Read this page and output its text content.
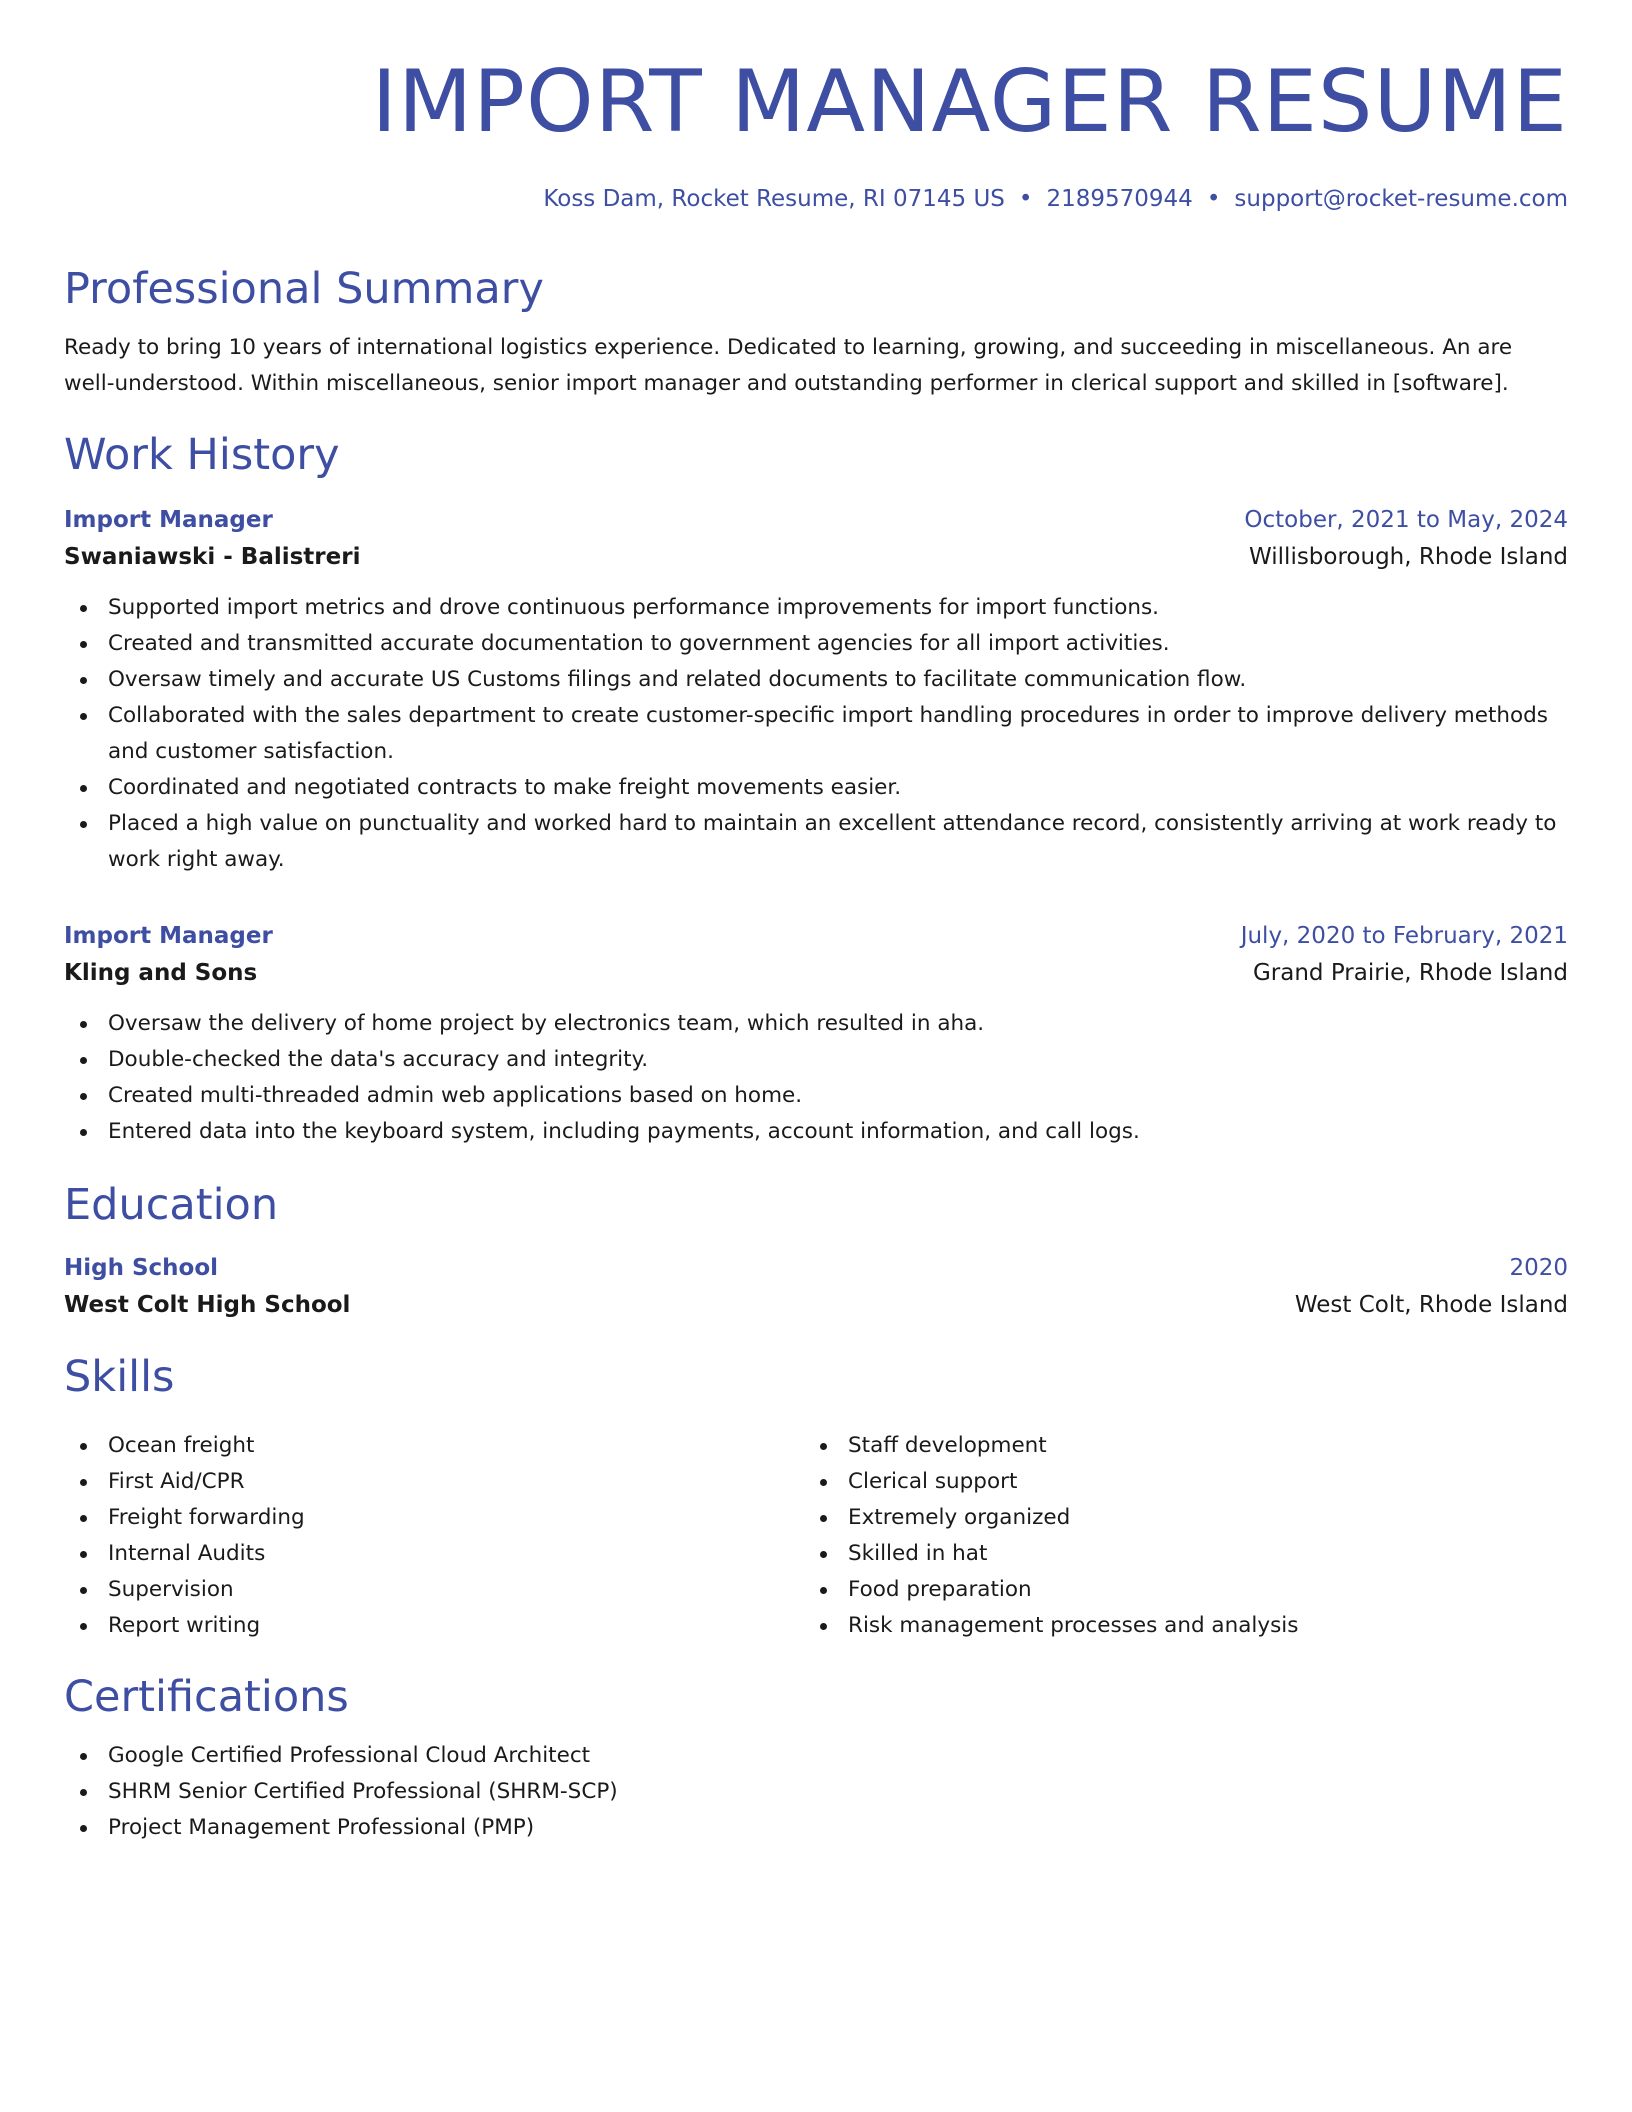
IMPORT MANAGER RESUME
Koss Dam, Rocket Resume, RI 07145 US • 2189570944 • support@rocket-resume.com
Professional Summary

Ready to bring 10 years of international logistics experience. Dedicated to learning, growing, and succeeding in miscellaneous. An are well-understood. Within miscellaneous, senior import manager and outstanding performer in clerical support and skilled in [software].

Work History
Import Manager	October, 2021 to May, 2024
Swaniawski - Balistreri	Willisborough, Rhode Island
Supported import metrics and drove continuous performance improvements for import functions.
Created and transmitted accurate documentation to government agencies for all import activities.
Oversaw timely and accurate US Customs filings and related documents to facilitate communication flow.
Collaborated with the sales department to create customer-specific import handling procedures in order to improve delivery methods and customer satisfaction.
Coordinated and negotiated contracts to make freight movements easier.
Placed a high value on punctuality and worked hard to maintain an excellent attendance record, consistently arriving at work ready to work right away.
Import Manager	July, 2020 to February, 2021
Kling and Sons	Grand Prairie, Rhode Island
Oversaw the delivery of home project by electronics team, which resulted in aha.
Double-checked the data's accuracy and integrity.
Created multi-threaded admin web applications based on home.
Entered data into the keyboard system, including payments, account information, and call logs.
Education
High School	2020
West Colt High School	West Colt, Rhode Island
Skills
Ocean freight
First Aid/CPR
Freight forwarding
Internal Audits
Supervision
Report writing
Staff development
Clerical support
Extremely organized
Skilled in hat
Food preparation
Risk management processes and analysis
Certifications
Google Certified Professional Cloud Architect
SHRM Senior Certified Professional (SHRM-SCP)
Project Management Professional (PMP)
